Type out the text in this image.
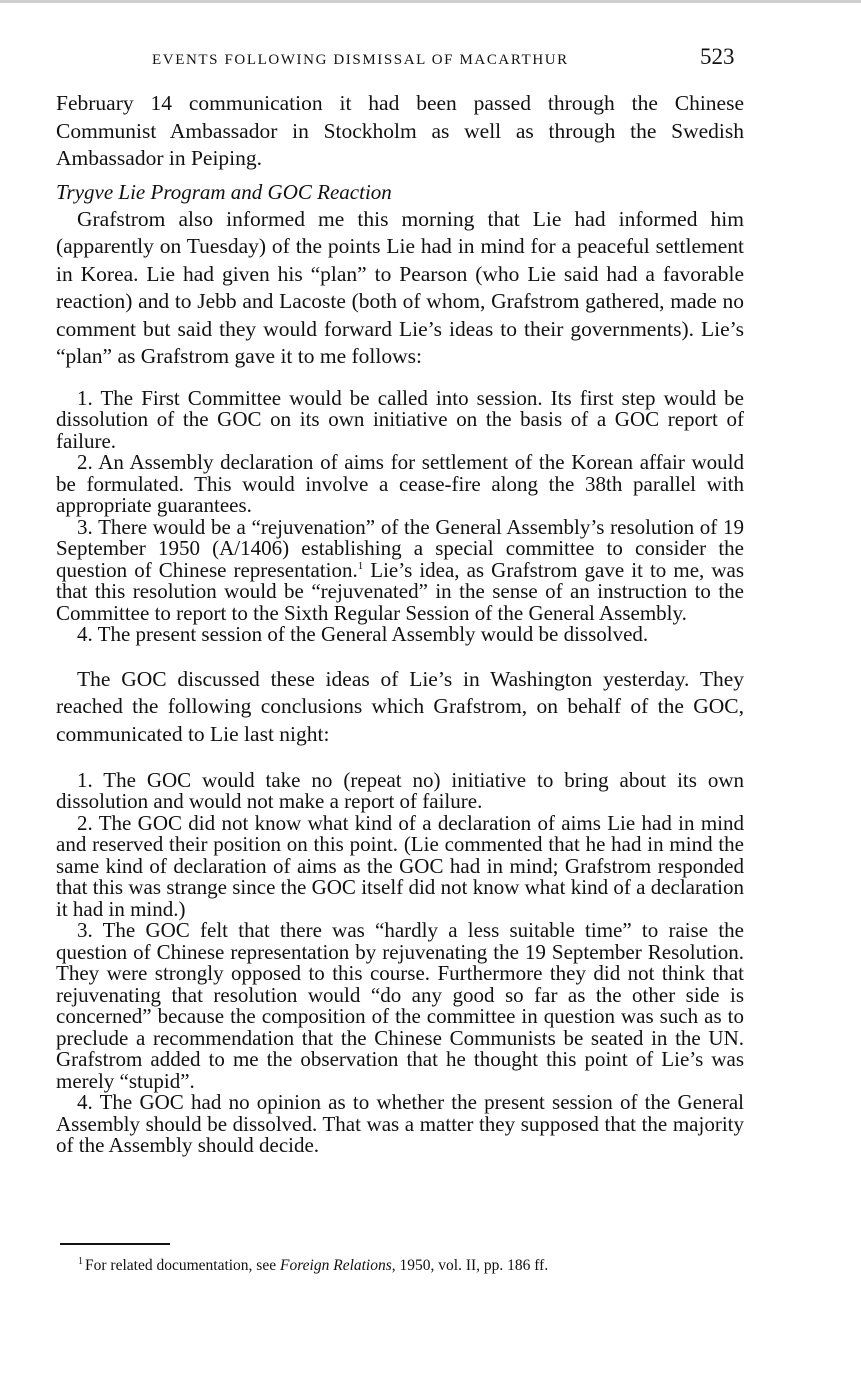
EVENTS FOLLOWING DISMISSAL OF MACARTHUR	523

February 14 communication it had been passed through the Chinese Communist Ambassador in Stockholm as well as through the Swedish Ambassador in Peiping.

Trygve Lie Program and GOC Reaction

Grafstrom also informed me this morning that Lie had informed him (apparently on Tuesday) of the points Lie had in mind for a peaceful settlement in Korea. Lie had given his “plan” to Pearson (who Lie said had a favorable reaction) and to Jebb and Lacoste (both of whom, Grafstrom gathered, made no comment but said they would forward Lie’s ideas to their governments). Lie’s “plan” as Grafstrom gave it to me follows:

1. The First Committee would be called into session. Its first step would be dissolution of the GOC on its own initiative on the basis of a GOC report of failure.
2. An Assembly declaration of aims for settlement of the Korean affair would be formulated. This would involve a cease-fire along the 38th parallel with appropriate guarantees.
3. There would be a “rejuvenation” of the General Assembly’s resolution of 19 September 1950 (A/1406) establishing a special committee to consider the question of Chinese representation.$^1$ Lie’s idea, as Grafstrom gave it to me, was that this resolution would be “rejuvenated” in the sense of an instruction to the Committee to report to the Sixth Regular Session of the General Assembly.
4. The present session of the General Assembly would be dissolved.

The GOC discussed these ideas of Lie’s in Washington yesterday. They reached the following conclusions which Grafstrom, on behalf of the GOC, communicated to Lie last night:

1. The GOC would take no (repeat no) initiative to bring about its own dissolution and would not make a report of failure.
2. The GOC did not know what kind of a declaration of aims Lie had in mind and reserved their position on this point. (Lie commented that he had in mind the same kind of declaration of aims as the GOC had in mind; Grafstrom responded that this was strange since the GOC itself did not know what kind of a declaration it had in mind.)
3. The GOC felt that there was “hardly a less suitable time” to raise the question of Chinese representation by rejuvenating the 19 September Resolution. They were strongly opposed to this course. Furthermore they did not think that rejuvenating that resolution would “do any good so far as the other side is concerned” because the composition of the committee in question was such as to preclude a recommendation that the Chinese Communists be seated in the UN. Grafstrom added to me the observation that he thought this point of Lie’s was merely “stupid”.
4. The GOC had no opinion as to whether the present session of the General Assembly should be dissolved. That was a matter they supposed that the majority of the Assembly should decide.
$^1$ For related documentation, see Foreign Relations, 1950, vol. II, pp. 186 ff.
